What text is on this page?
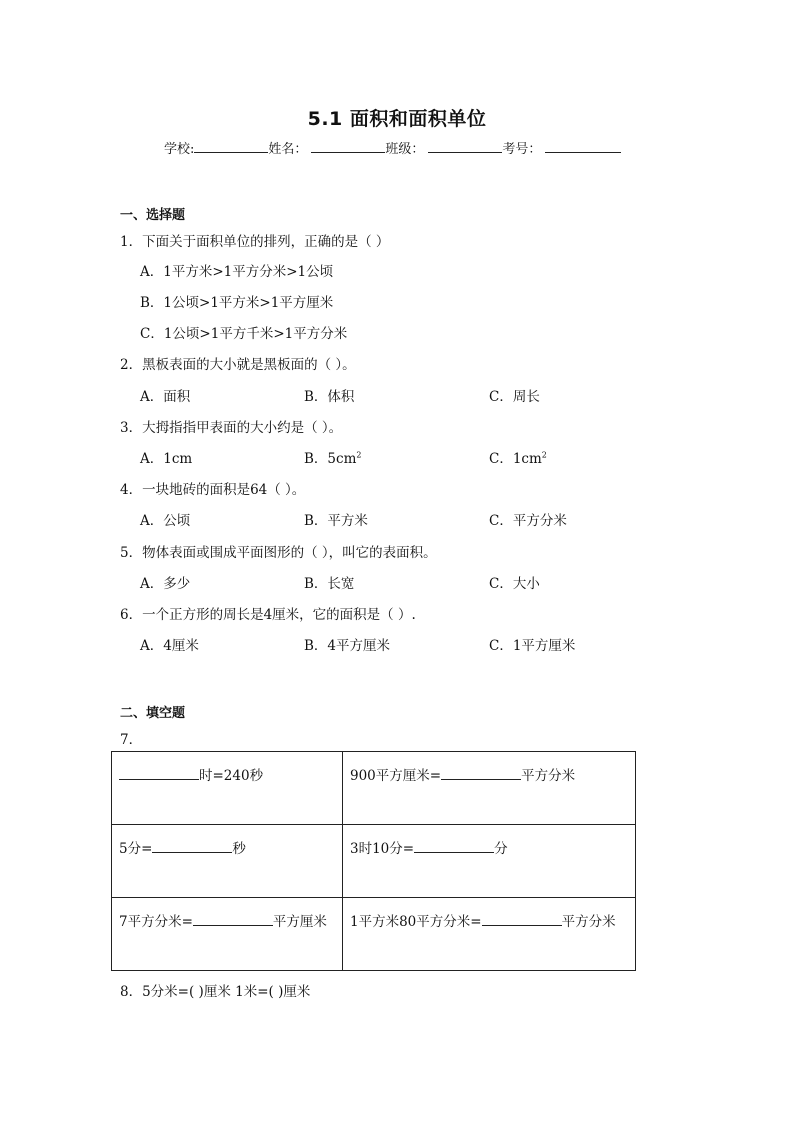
5.1 面积和面积单位
学校:	姓名：	班级：	考号：
一、选择题
1．下面关于面积单位的排列，正确的是（ ）
A．1平方米>1平方分米>1公顷
B．1公顷>1平方米>1平方厘米
C．1公顷>1平方千米>1平方分米
2．黑板表面的大小就是黑板面的（ ）。
A．面积	B．体积	C．周长
3．大拇指指甲表面的大小约是（ ）。
A．1cm	B．$5cm^2$	C．$1cm^2$
4．一块地砖的面积是64（ ）。
A．公顷	B．平方米	C．平方分米
5．物体表面或围成平面图形的（ ），叫它的表面积。
A．多少	B．长宽	C．大小
6．一个正方形的周长是4厘米，它的面积是（ ）.
A．4厘米	B．4平方厘米	C．1平方厘米
二、填空题
7．
时=240秒	900平方厘米= 平方分米
5分= 秒	3时10分= 分
7平方分米= 平方厘米	1平方米80平方分米= 平方分米
8．5分米=( )厘米 1米=( )厘米
